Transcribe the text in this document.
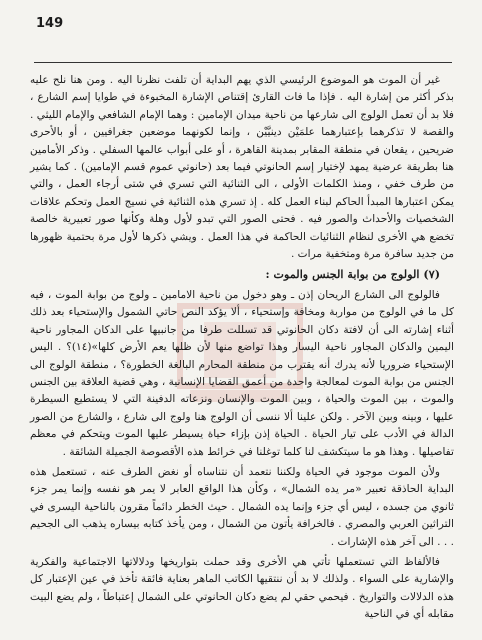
149

غير أن الموت هو الموضوع الرئيسي الذي يهم البداية أن تلفت نظرنا اليه . ومن هنا نلح عليه بذكر أكثر من إشارة اليه . فإذا ما فات القارئ إقتناص الإشارة المخبوءة في طوايا إسم الشارع ، فلا بد أن تعمل الولوج الى شارعها من ناحية ميدان الإمامين : وهما الإمام الشافعي والإمام الليثي . والقصة لا تذكرهما بإعتبارهما علمَيْن دينيَّيْن ، وإنما لكونهما موضعين جغرافيين ، أو بالأحرى ضريحين ، يقعان في منطقة المقابر بمدينة القاهرة ، أو على أبواب عالمها السفلي . وذكر الأمامين هنا بطريقة عرضية يمهد لإختيار إسم الحانوتي فيما بعد (حانوتي عموم قسم الإمامين) . كما يشير من طرف خفي ، ومنذ الكلمات الأولى ، الى الثنائية التي تسري في شتى أرجاء العمل ، والتي يمكن اعتبارها المبدأ الحاكم لبناء العمل كله . إذ تسري هذه الثنائية في نسيج العمل وتحكم علاقات الشخصيات والأحداث والصور فيه . فحتى الصور التي تبدو لأول وهلة وكأنها صور تعبيرية خالصة تخضع هي الأخرى لنظام الثنائيات الحاكمة في هذا العمل . ويشي ذكرها لأول مرة بحتمية ظهورها من جديد سافرة مرة ومتخفية مرات .

(٧) الولوج من بوابة الجنس والموت :

فالولوج الى الشارع الريحان إذن ـ وهو دخول من ناحية الامامين ـ ولوج من بوابة الموت ، فيه كل ما في الولوج من مواربة ومخافة وإستحياء ، ألا يؤكد النص حاتي الشمول والإستحياء بعد ذلك أثناء إشارته الى أن لافتة دكان الحانوتي قد تسللت طرفا من جانبيها على الدكان المجاور ناحية اليمين والدكان المجاور ناحية اليسار وهذا تواضع منها لأن ظلها يعم الأرض كلها»(١٤)؟ . اليس الإستحياء ضروريا لأنه يدرك أنه يقترب من منطقة المحارم البالغة الخطورة؟ ، منطقة الولوج الى الجنس من بوابة الموت لمعالجة واحدة من أعمق القضايا الإنسانية ، وهي قضية العلاقة بين الجنس والموت ، بين الموت والحياة ، وبين الموت والإنسان ونزعاته الدفينة التي لا يستطيع السيطرة عليها ، وبينه وبين الآخر . ولكن علينا ألا ننسى أن الولوج هنا ولوج الى شارع ، والشارع من الصور الدالة في الأدب على تيار الحياة . الحياة إذن بإزاء حياة يسيطر عليها الموت ويتحكم في معظم تفاصيلها . وهذا هو ما سيتكشف لنا كلما توغلنا في خرائط هذه الأقصوصة الجميلة الشائقة .

ولأن الموت موجود في الحياة ولكننا نتعمد أن نتناساه أو نغض الطرف عنه ، تستعمل هذه البداية الحاذقة تعبير «مر يده الشمال» ، وكأن هذا الواقع العابر لا يمر هو نفسه وإنما يمر جزء ثانوي من جسده ، ليس أي جزء وإنما يده الشمال . حيث الخطر دائماً مقرون بالناحية اليسرى في التراثين العربي والمصري . فالخرافة يأتون من الشمال ، ومن يأخذ كتابه بيساره يذهب الى الجحيم . . . الى آخر هذه الإشارات .

فالألفاظ التي تستعملها تأتي هي الأخرى وقد حملت بتواريخها ودلالاتها الاجتماعية والفكرية والإشارية على السواء . ولذلك لا بد أن ننتقيها الكاتب الماهر بعناية فائقة تأخذ في عين الإعتبار كل هذه الدلالات والتواريخ . فيحمي حقي لم يضع دكان الحانوتي على الشمال إعتباطاً ، ولم يضع البيت مقابله أي في الناحية
